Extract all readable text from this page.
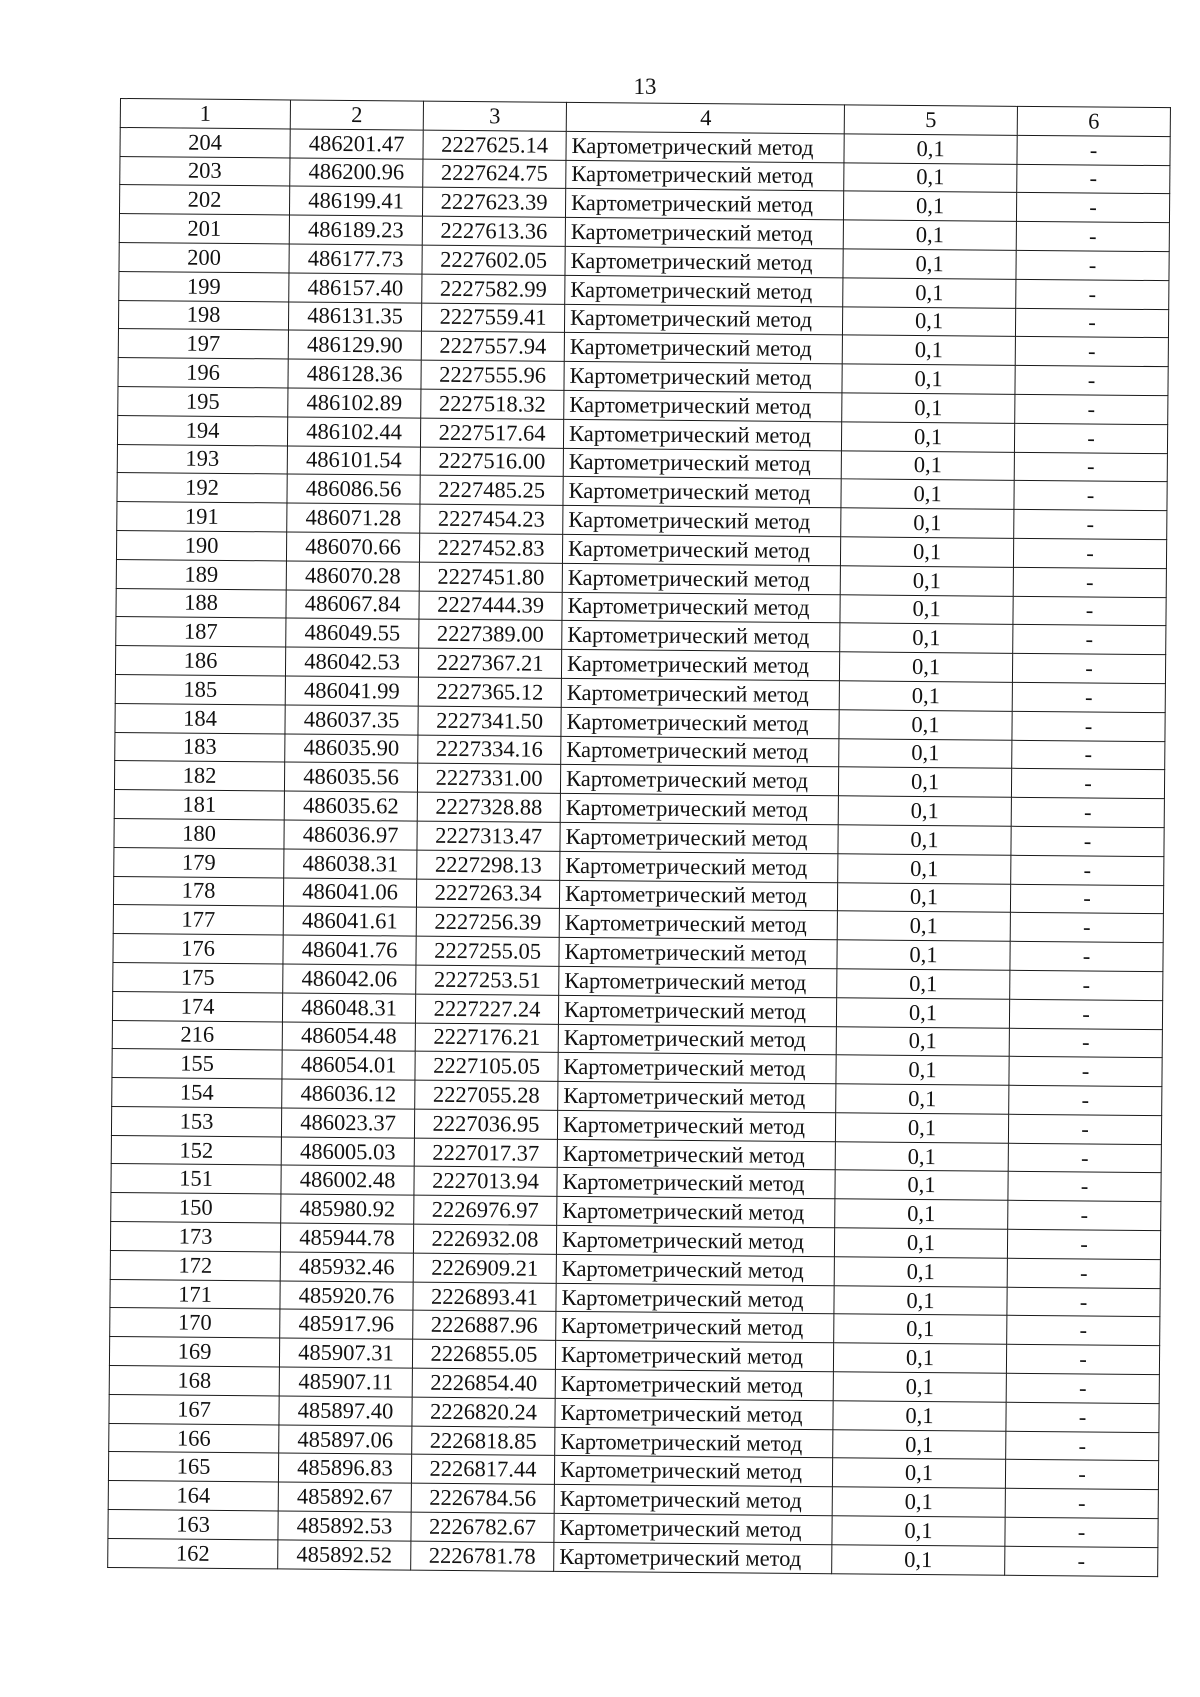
13
1	2	3	4	5	6
204	486201.47	2227625.14	Картометрический метод	0,1	-
203	486200.96	2227624.75	Картометрический метод	0,1	-
202	486199.41	2227623.39	Картометрический метод	0,1	-
201	486189.23	2227613.36	Картометрический метод	0,1	-
200	486177.73	2227602.05	Картометрический метод	0,1	-
199	486157.40	2227582.99	Картометрический метод	0,1	-
198	486131.35	2227559.41	Картометрический метод	0,1	-
197	486129.90	2227557.94	Картометрический метод	0,1	-
196	486128.36	2227555.96	Картометрический метод	0,1	-
195	486102.89	2227518.32	Картометрический метод	0,1	-
194	486102.44	2227517.64	Картометрический метод	0,1	-
193	486101.54	2227516.00	Картометрический метод	0,1	-
192	486086.56	2227485.25	Картометрический метод	0,1	-
191	486071.28	2227454.23	Картометрический метод	0,1	-
190	486070.66	2227452.83	Картометрический метод	0,1	-
189	486070.28	2227451.80	Картометрический метод	0,1	-
188	486067.84	2227444.39	Картометрический метод	0,1	-
187	486049.55	2227389.00	Картометрический метод	0,1	-
186	486042.53	2227367.21	Картометрический метод	0,1	-
185	486041.99	2227365.12	Картометрический метод	0,1	-
184	486037.35	2227341.50	Картометрический метод	0,1	-
183	486035.90	2227334.16	Картометрический метод	0,1	-
182	486035.56	2227331.00	Картометрический метод	0,1	-
181	486035.62	2227328.88	Картометрический метод	0,1	-
180	486036.97	2227313.47	Картометрический метод	0,1	-
179	486038.31	2227298.13	Картометрический метод	0,1	-
178	486041.06	2227263.34	Картометрический метод	0,1	-
177	486041.61	2227256.39	Картометрический метод	0,1	-
176	486041.76	2227255.05	Картометрический метод	0,1	-
175	486042.06	2227253.51	Картометрический метод	0,1	-
174	486048.31	2227227.24	Картометрический метод	0,1	-
216	486054.48	2227176.21	Картометрический метод	0,1	-
155	486054.01	2227105.05	Картометрический метод	0,1	-
154	486036.12	2227055.28	Картометрический метод	0,1	-
153	486023.37	2227036.95	Картометрический метод	0,1	-
152	486005.03	2227017.37	Картометрический метод	0,1	-
151	486002.48	2227013.94	Картометрический метод	0,1	-
150	485980.92	2226976.97	Картометрический метод	0,1	-
173	485944.78	2226932.08	Картометрический метод	0,1	-
172	485932.46	2226909.21	Картометрический метод	0,1	-
171	485920.76	2226893.41	Картометрический метод	0,1	-
170	485917.96	2226887.96	Картометрический метод	0,1	-
169	485907.31	2226855.05	Картометрический метод	0,1	-
168	485907.11	2226854.40	Картометрический метод	0,1	-
167	485897.40	2226820.24	Картометрический метод	0,1	-
166	485897.06	2226818.85	Картометрический метод	0,1	-
165	485896.83	2226817.44	Картометрический метод	0,1	-
164	485892.67	2226784.56	Картометрический метод	0,1	-
163	485892.53	2226782.67	Картометрический метод	0,1	-
162	485892.52	2226781.78	Картометрический метод	0,1	-
